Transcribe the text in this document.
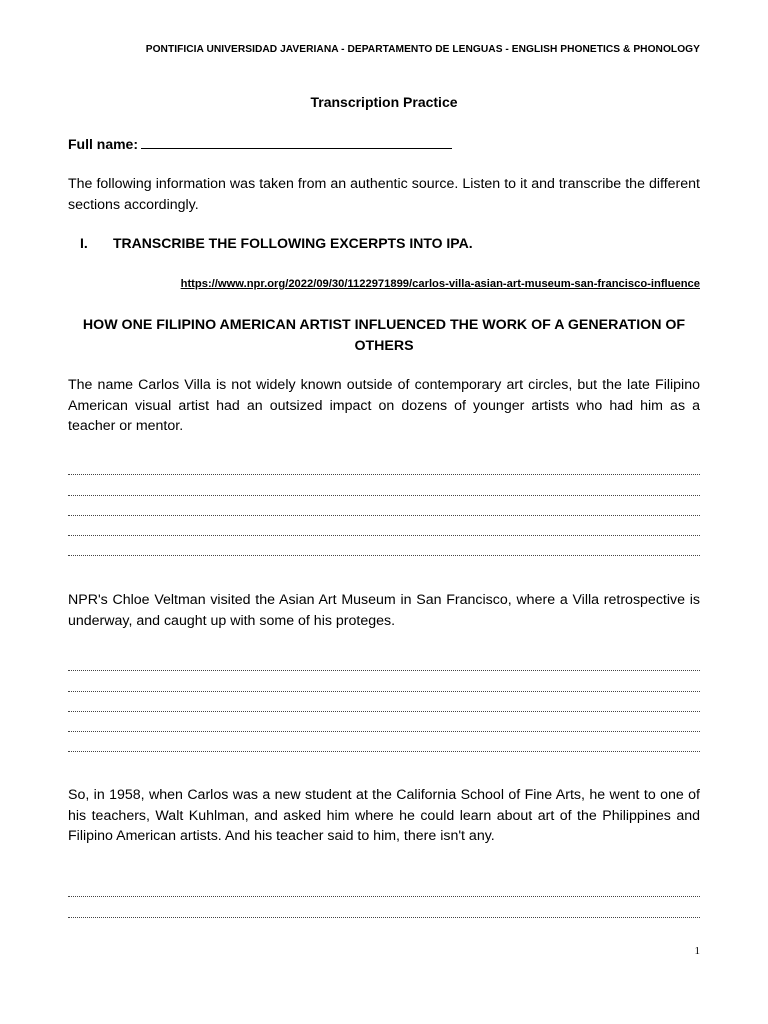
PONTIFICIA UNIVERSIDAD JAVERIANA - DEPARTAMENTO DE LENGUAS - ENGLISH PHONETICS & PHONOLOGY
Transcription Practice
Full name:
The following information was taken from an authentic source. Listen to it and transcribe the different sections accordingly.
I. TRANSCRIBE THE FOLLOWING EXCERPTS INTO IPA.
https://www.npr.org/2022/09/30/1122971899/carlos-villa-asian-art-museum-san-francisco-influence
HOW ONE FILIPINO AMERICAN ARTIST INFLUENCED THE WORK OF A GENERATION OF OTHERS
The name Carlos Villa is not widely known outside of contemporary art circles, but the late Filipino American visual artist had an outsized impact on dozens of younger artists who had him as a teacher or mentor.
NPR's Chloe Veltman visited the Asian Art Museum in San Francisco, where a Villa retrospective is underway, and caught up with some of his proteges.
So, in 1958, when Carlos was a new student at the California School of Fine Arts, he went to one of his teachers, Walt Kuhlman, and asked him where he could learn about art of the Philippines and Filipino American artists. And his teacher said to him, there isn't any.
1
